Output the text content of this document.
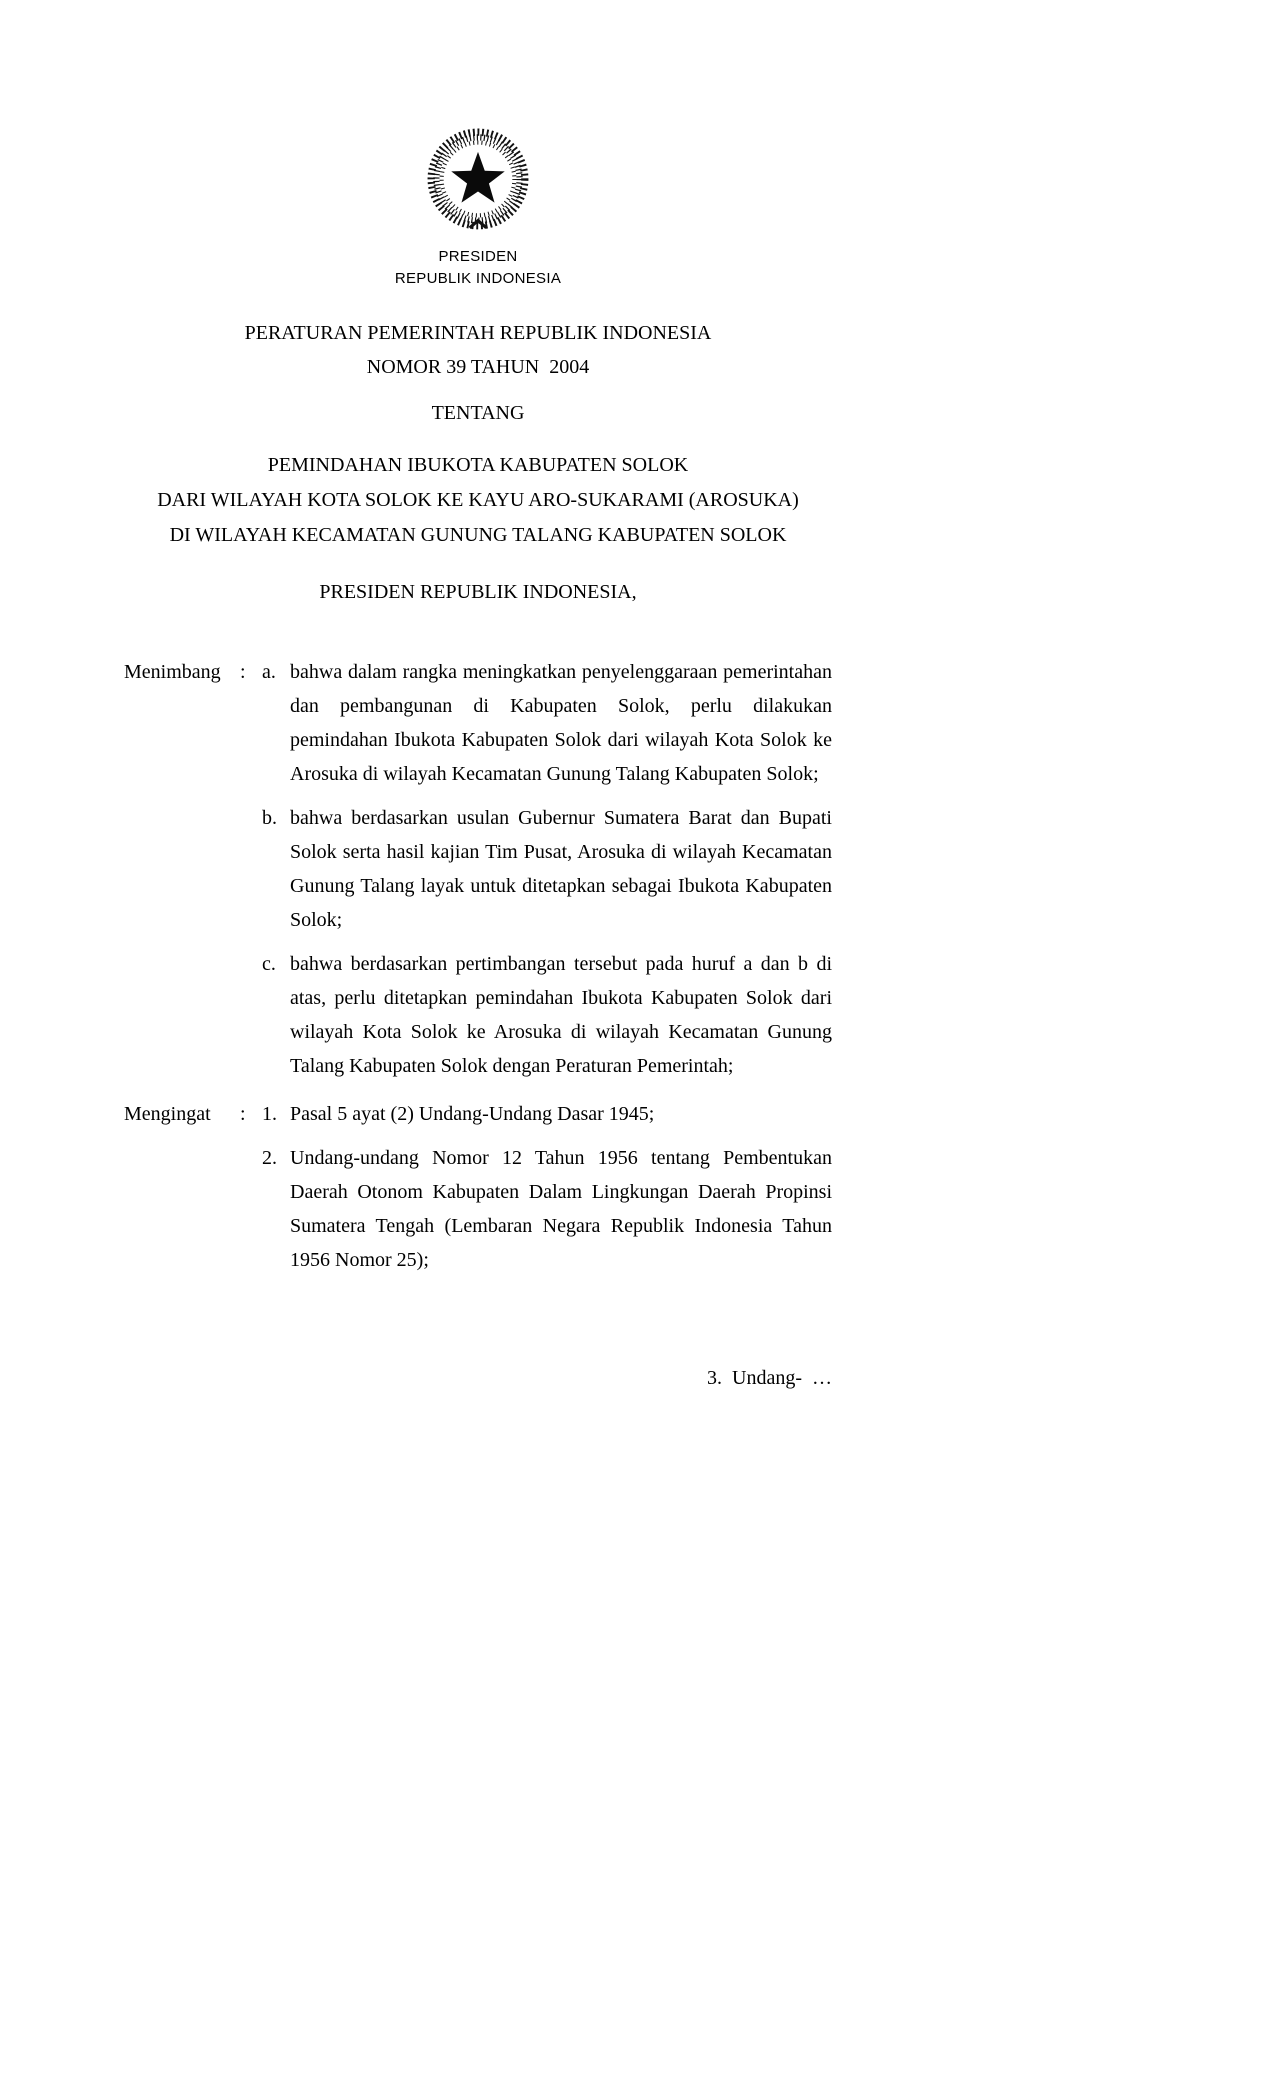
PRESIDEN
REPUBLIK INDONESIA
PERATURAN PEMERINTAH REPUBLIK INDONESIA
NOMOR 39 TAHUN  2004
TENTANG
PEMINDAHAN IBUKOTA KABUPATEN SOLOK
DARI WILAYAH KOTA SOLOK KE KAYU ARO-SUKARAMI (AROSUKA)
DI WILAYAH KECAMATAN GUNUNG TALANG KABUPATEN SOLOK
PRESIDEN REPUBLIK INDONESIA,
Menimbang : a. bahwa dalam rangka meningkatkan penyelenggaraan pemerintahan dan pembangunan di Kabupaten Solok, perlu dilakukan pemindahan Ibukota Kabupaten Solok dari wilayah Kota Solok ke Arosuka di wilayah Kecamatan Gunung Talang Kabupaten Solok;
b. bahwa berdasarkan usulan Gubernur Sumatera Barat dan Bupati Solok serta hasil kajian Tim Pusat, Arosuka di wilayah Kecamatan Gunung Talang layak untuk ditetapkan sebagai Ibukota Kabupaten Solok;
c. bahwa berdasarkan pertimbangan tersebut pada huruf a dan b di atas, perlu ditetapkan pemindahan Ibukota Kabupaten Solok dari wilayah Kota Solok ke Arosuka di wilayah Kecamatan Gunung Talang Kabupaten Solok dengan Peraturan Pemerintah;
Mengingat	: 1. Pasal 5 ayat (2) Undang-Undang Dasar 1945;
2. Undang-undang Nomor 12 Tahun 1956 tentang Pembentukan Daerah Otonom Kabupaten Dalam Lingkungan Daerah Propinsi Sumatera Tengah (Lembaran Negara Republik Indonesia Tahun 1956 Nomor 25);
3.  Undang-  …
